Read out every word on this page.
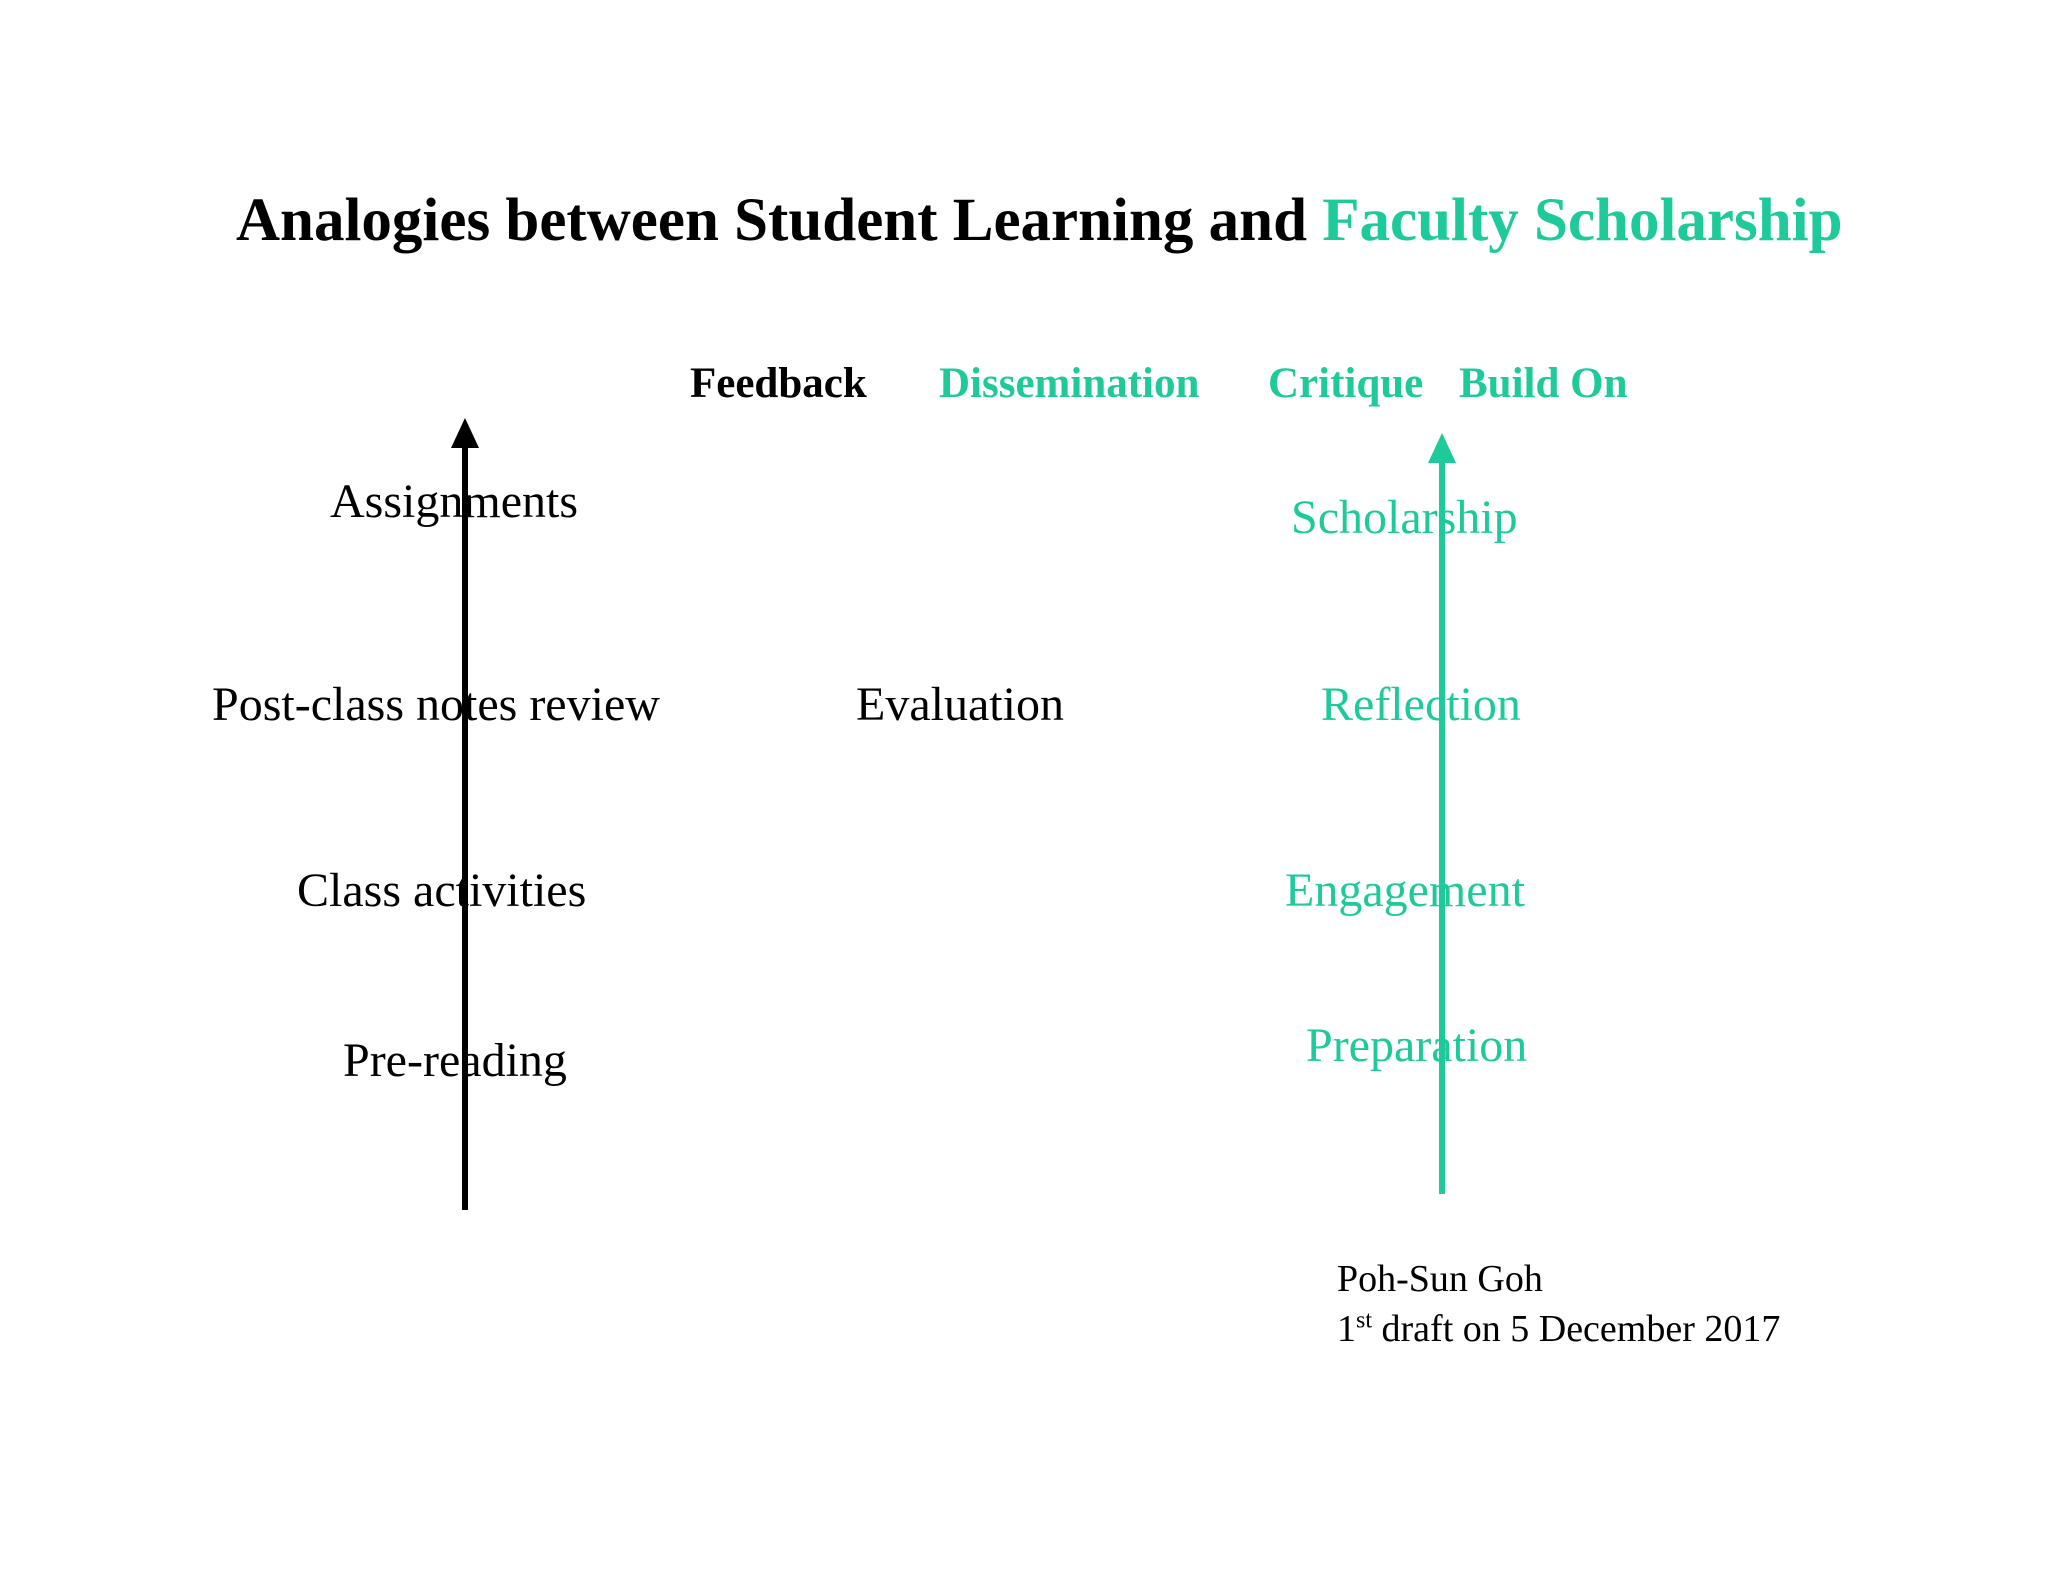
Analogies between Student Learning and Faculty Scholarship
Feedback Dissemination Critique Build On
Assignments
Post-class notes review
Class activities
Pre-reading
Evaluation
Scholarship
Reflection
Engagement
Preparation
Poh-Sun Goh
1st draft on 5 December 2017
